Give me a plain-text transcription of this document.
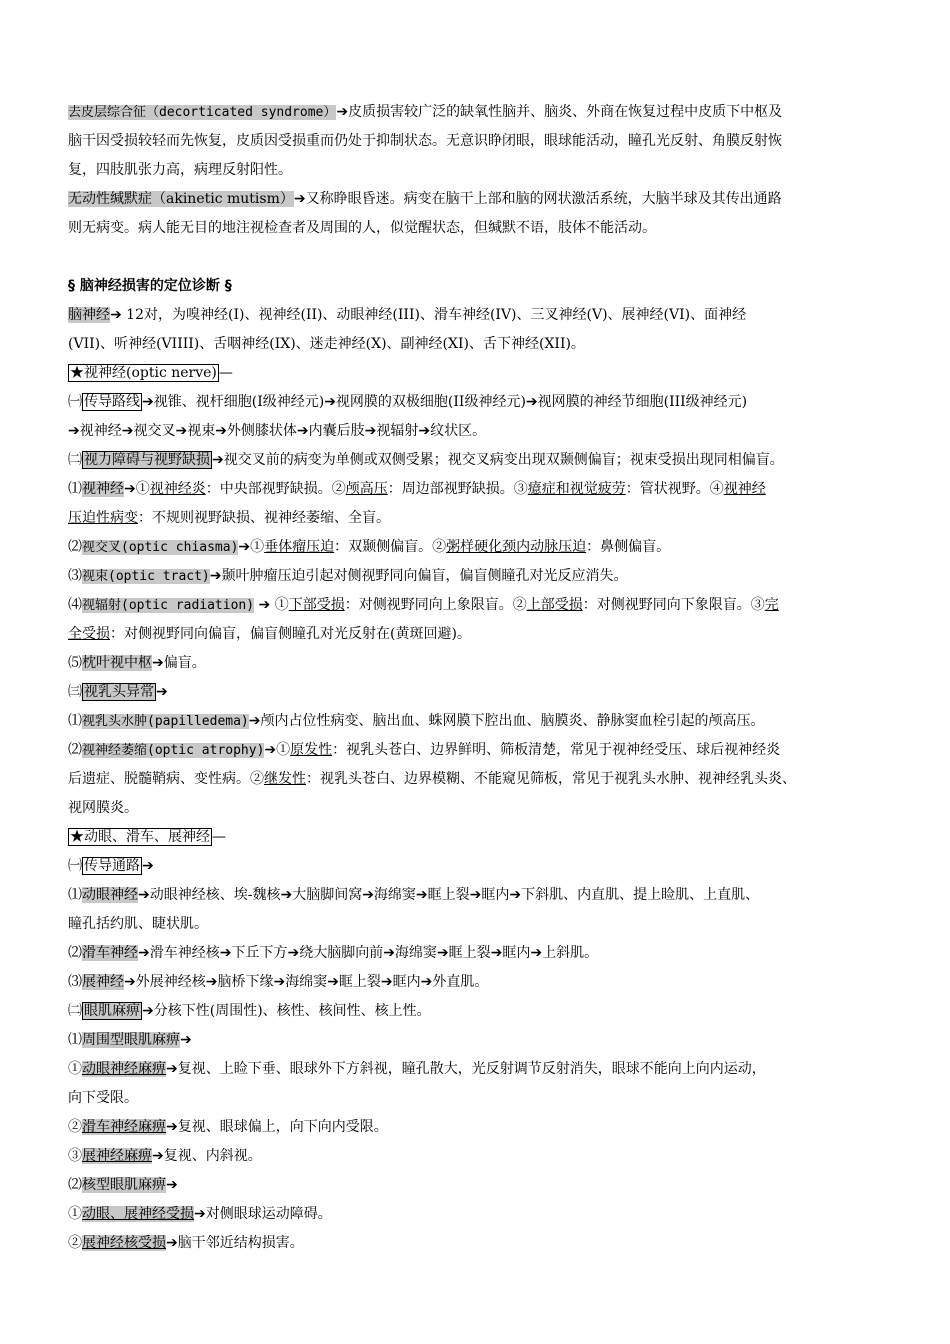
去皮层综合征（decorticated syndrome）➔皮质损害较广泛的缺氧性脑并、脑炎、外商在恢复过程中皮质下中枢及
脑干因受损较轻而先恢复，皮质因受损重而仍处于抑制状态。无意识睁闭眼，眼球能活动，瞳孔光反射、角膜反射恢
复，四肢肌张力高，病理反射阳性。

无动性缄默症（akinetic mutism）➔又称睁眼昏迷。病变在脑干上部和脑的网状激活系统，大脑半球及其传出通路
则无病变。病人能无目的地注视检查者及周围的人，似觉醒状态，但缄默不语，肢体不能活动。

§ 脑神经损害的定位诊断 §

脑神经➔ 12对，为嗅神经(I)、视神经(II)、动眼神经(III)、滑车神经(IV)、三叉神经(V)、展神经(VI)、面神经
(VII)、听神经(VIIII)、舌咽神经(IX)、迷走神经(X)、副神经(XI)、舌下神经(XII)。

★视神经(optic nerve) —

㈠ 传导路线 ➔视锥、视杆细胞(I级神经元)➔视网膜的双极细胞(II级神经元)➔视网膜的神经节细胞(III级神经元)
➔视神经➔视交叉➔视束➔外侧膝状体➔内囊后肢➔视辐射➔纹状区。

㈡ 视力障碍与视野缺损 ➔视交叉前的病变为单侧或双侧受累；视交叉病变出现双颞侧偏盲；视束受损出现同相偏盲。

⑴视神经➔①视神经炎：中央部视野缺损。②颅高压：周边部视野缺损。③癔症和视觉疲劳：管状视野。④视神经
压迫性病变：不规则视野缺损、视神经萎缩、全盲。

⑵视交叉(optic chiasma)➔①垂体瘤压迫：双颞侧偏盲。②粥样硬化颈内动脉压迫：鼻侧偏盲。

⑶视束(optic tract)➔颞叶肿瘤压迫引起对侧视野同向偏盲，偏盲侧瞳孔对光反应消失。

⑷视辐射(optic radiation) ➔ ①下部受损：对侧视野同向上象限盲。②上部受损：对侧视野同向下象限盲。③完
全受损：对侧视野同向偏盲，偏盲侧瞳孔对光反射在(黄斑回避)。

⑸枕叶视中枢➔偏盲。

㈢ 视乳头异常 ➔

⑴视乳头水肿(papilledema)➔颅内占位性病变、脑出血、蛛网膜下腔出血、脑膜炎、静脉窦血栓引起的颅高压。

⑵视神经萎缩(optic atrophy)➔①原发性：视乳头苍白、边界鲜明、筛板清楚，常见于视神经受压、球后视神经炎
后遗症、脱髓鞘病、变性病。②继发性：视乳头苍白、边界模糊、不能窥见筛板，常见于视乳头水肿、视神经乳头炎、
视网膜炎。

★动眼、滑车、展神经 —

㈠ 传导通路 ➔

⑴动眼神经➔动眼神经核、埃-魏核➔大脑脚间窝➔海绵窦➔眶上裂➔眶内➔下斜肌、内直肌、提上睑肌、上直肌、
瞳孔括约肌、睫状肌。

⑵滑车神经➔滑车神经核➔下丘下方➔绕大脑脚向前➔海绵窦➔眶上裂➔眶内➔上斜肌。

⑶展神经➔外展神经核➔脑桥下缘➔海绵窦➔眶上裂➔眶内➔外直肌。

㈡ 眼肌麻痹 ➔分核下性(周围性)、核性、核间性、核上性。

⑴周围型眼肌麻痹➔

①动眼神经麻痹➔复视、上睑下垂、眼球外下方斜视，瞳孔散大，光反射调节反射消失，眼球不能向上向内运动，
向下受限。

②滑车神经麻痹➔复视、眼球偏上，向下向内受限。

③展神经麻痹➔复视、内斜视。

⑵核型眼肌麻痹➔

①动眼、展神经受损➔对侧眼球运动障碍。

②展神经核受损➔脑干邻近结构损害。
